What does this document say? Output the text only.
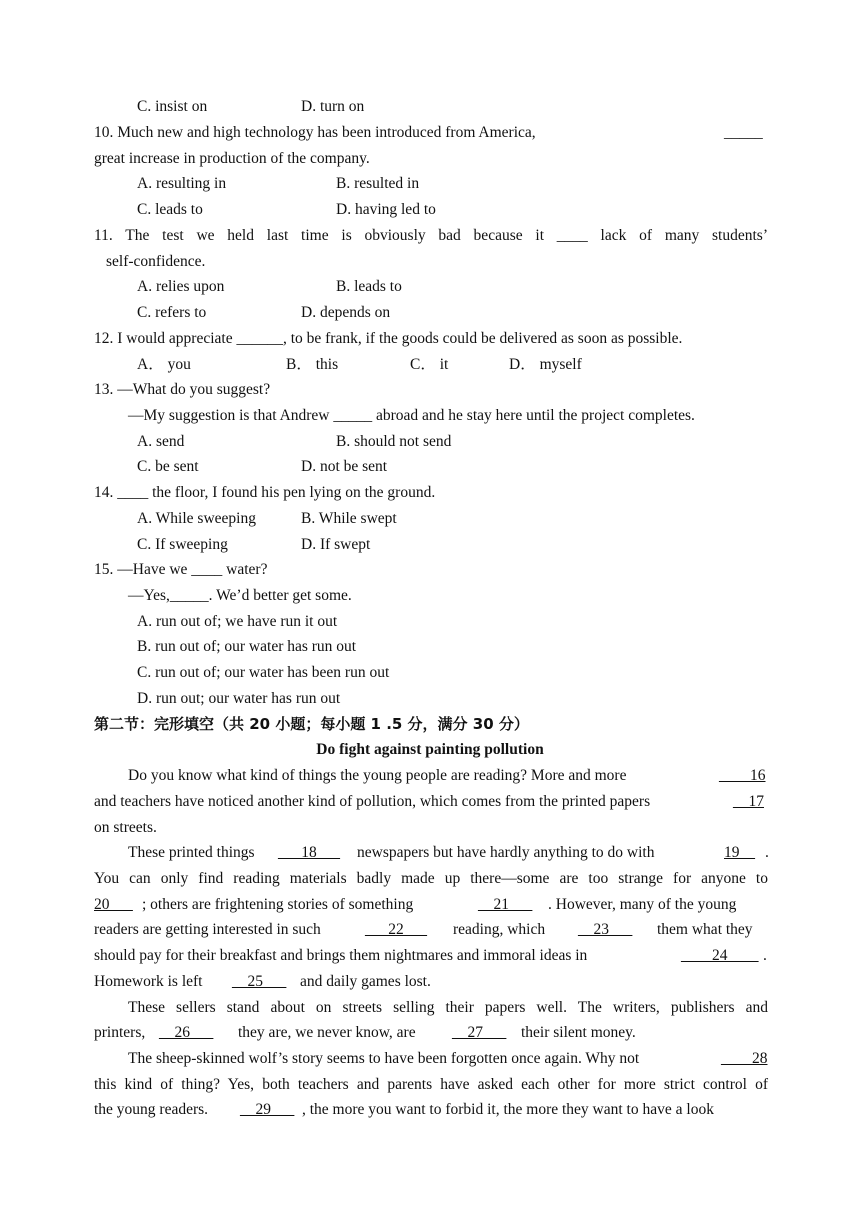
C. insist on	D. turn on
10. Much new and high technology has been introduced from America,	_____
great increase in production of the company.
A. resulting in	B. resulted in
C. leads to	D. having led to
11. The test we held last time is obviously bad because it ____ lack of many students’
self-confidence.
A. relies upon	B. leads to
C. refers to	D. depends on
12. I would appreciate ______, to be frank, if the goods could be delivered as soon as possible.
A． you	B． this	C． it	D． myself
13. —What do you suggest?
—My suggestion is that Andrew _____ abroad and he stay here until the project completes.
A. send	B. should not send
C. be sent	D. not be sent
14. ____ the floor, I found his pen lying on the ground.
A. While sweeping	B. While swept
C. If sweeping	D. If swept
15. —Have we ____ water?
—Yes,_____. We’d better get some.
A. run out of; we have run it out
B. run out of; our water has run out
C. run out of; our water has been run out
D. run out; our water has run out
第二节：完形填空（共 20 小题；每小题 1 .5 分，满分 30 分）
Do fight against painting pollution
Do you know what kind of things the young people are reading? More and more	____16
and teachers have noticed another kind of pollution, which comes from the printed papers	__17
on streets.
These printed things ___18___ newspapers but have hardly anything to do with	19__ .
You can only find reading materials badly made up there—some are too strange for anyone to
20___ ; others are frightening stories of something	__21___ . However, many of the young
readers are getting interested in such	___22___ reading, which __23___ them what they
should pay for their breakfast and brings them nightmares and immoral ideas in	____24____ .
Homework is left __25___ and daily games lost.
These sellers stand about on streets selling their papers well. The writers, publishers and
printers, __26___ they are, we never know, are __27___ their silent money.
The sheep-skinned wolf’s story seems to have been forgotten once again. Why not	____28
this kind of thing? Yes, both teachers and parents have asked each other for more strict control of
the young readers. __29___ , the more you want to forbid it, the more they want to have a look
